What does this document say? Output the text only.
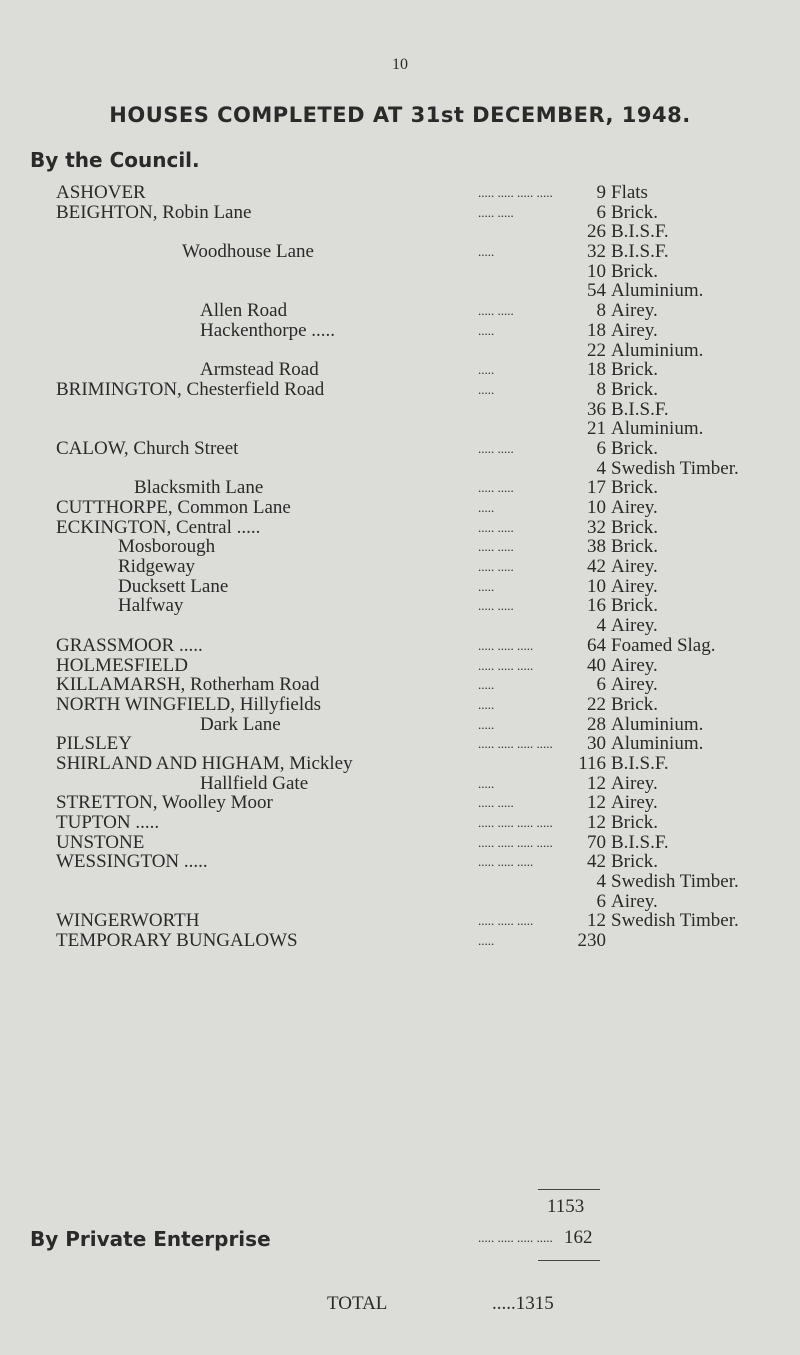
10
HOUSES COMPLETED AT 31st DECEMBER, 1948.
By the Council.
ASHOVER	..... ..... ..... .....	9 Flats
BEIGHTON, Robin Lane	..... .....	6 Brick.
26 B.I.S.F.
Woodhouse Lane	.....	32 B.I.S.F.
10 Brick.
54 Aluminium.
Allen Road	..... .....	8 Airey.
Hackenthorpe .....	.....	18 Airey.
22 Aluminium.
Armstead Road	.....	18 Brick.
BRIMINGTON, Chesterfield Road	.....	8 Brick.
36 B.I.S.F.
21 Aluminium.
CALOW, Church Street	..... .....	6 Brick.
4 Swedish Timber.
Blacksmith Lane	..... .....	17 Brick.
CUTTHORPE, Common Lane	.....	10 Airey.
ECKINGTON, Central .....	..... .....	32 Brick.
Mosborough	..... .....	38 Brick.
Ridgeway	..... .....	42 Airey.
Ducksett Lane	.....	10 Airey.
Halfway	..... .....	16 Brick.
4 Airey.
GRASSMOOR .....	..... ..... .....	64 Foamed Slag.
HOLMESFIELD	..... ..... .....	40 Airey.
KILLAMARSH, Rotherham Road	.....	6 Airey.
NORTH WINGFIELD, Hillyfields	.....	22 Brick.
Dark Lane	.....	28 Aluminium.
PILSLEY	..... ..... ..... .....	30 Aluminium.
SHIRLAND AND HIGHAM, Mickley	116 B.I.S.F.
Hallfield Gate	.....	12 Airey.
STRETTON, Woolley Moor	..... .....	12 Airey.
TUPTON .....	..... ..... ..... .....	12 Brick.
UNSTONE	..... ..... ..... .....	70 B.I.S.F.
WESSINGTON .....	..... ..... .....	42 Brick.
4 Swedish Timber.
6 Airey.
WINGERWORTH	..... ..... .....	12 Swedish Timber.
TEMPORARY BUNGALOWS	.....	230
1153
By Private Enterprise	..... ..... ..... ..... 162
TOTAL	.....1315
